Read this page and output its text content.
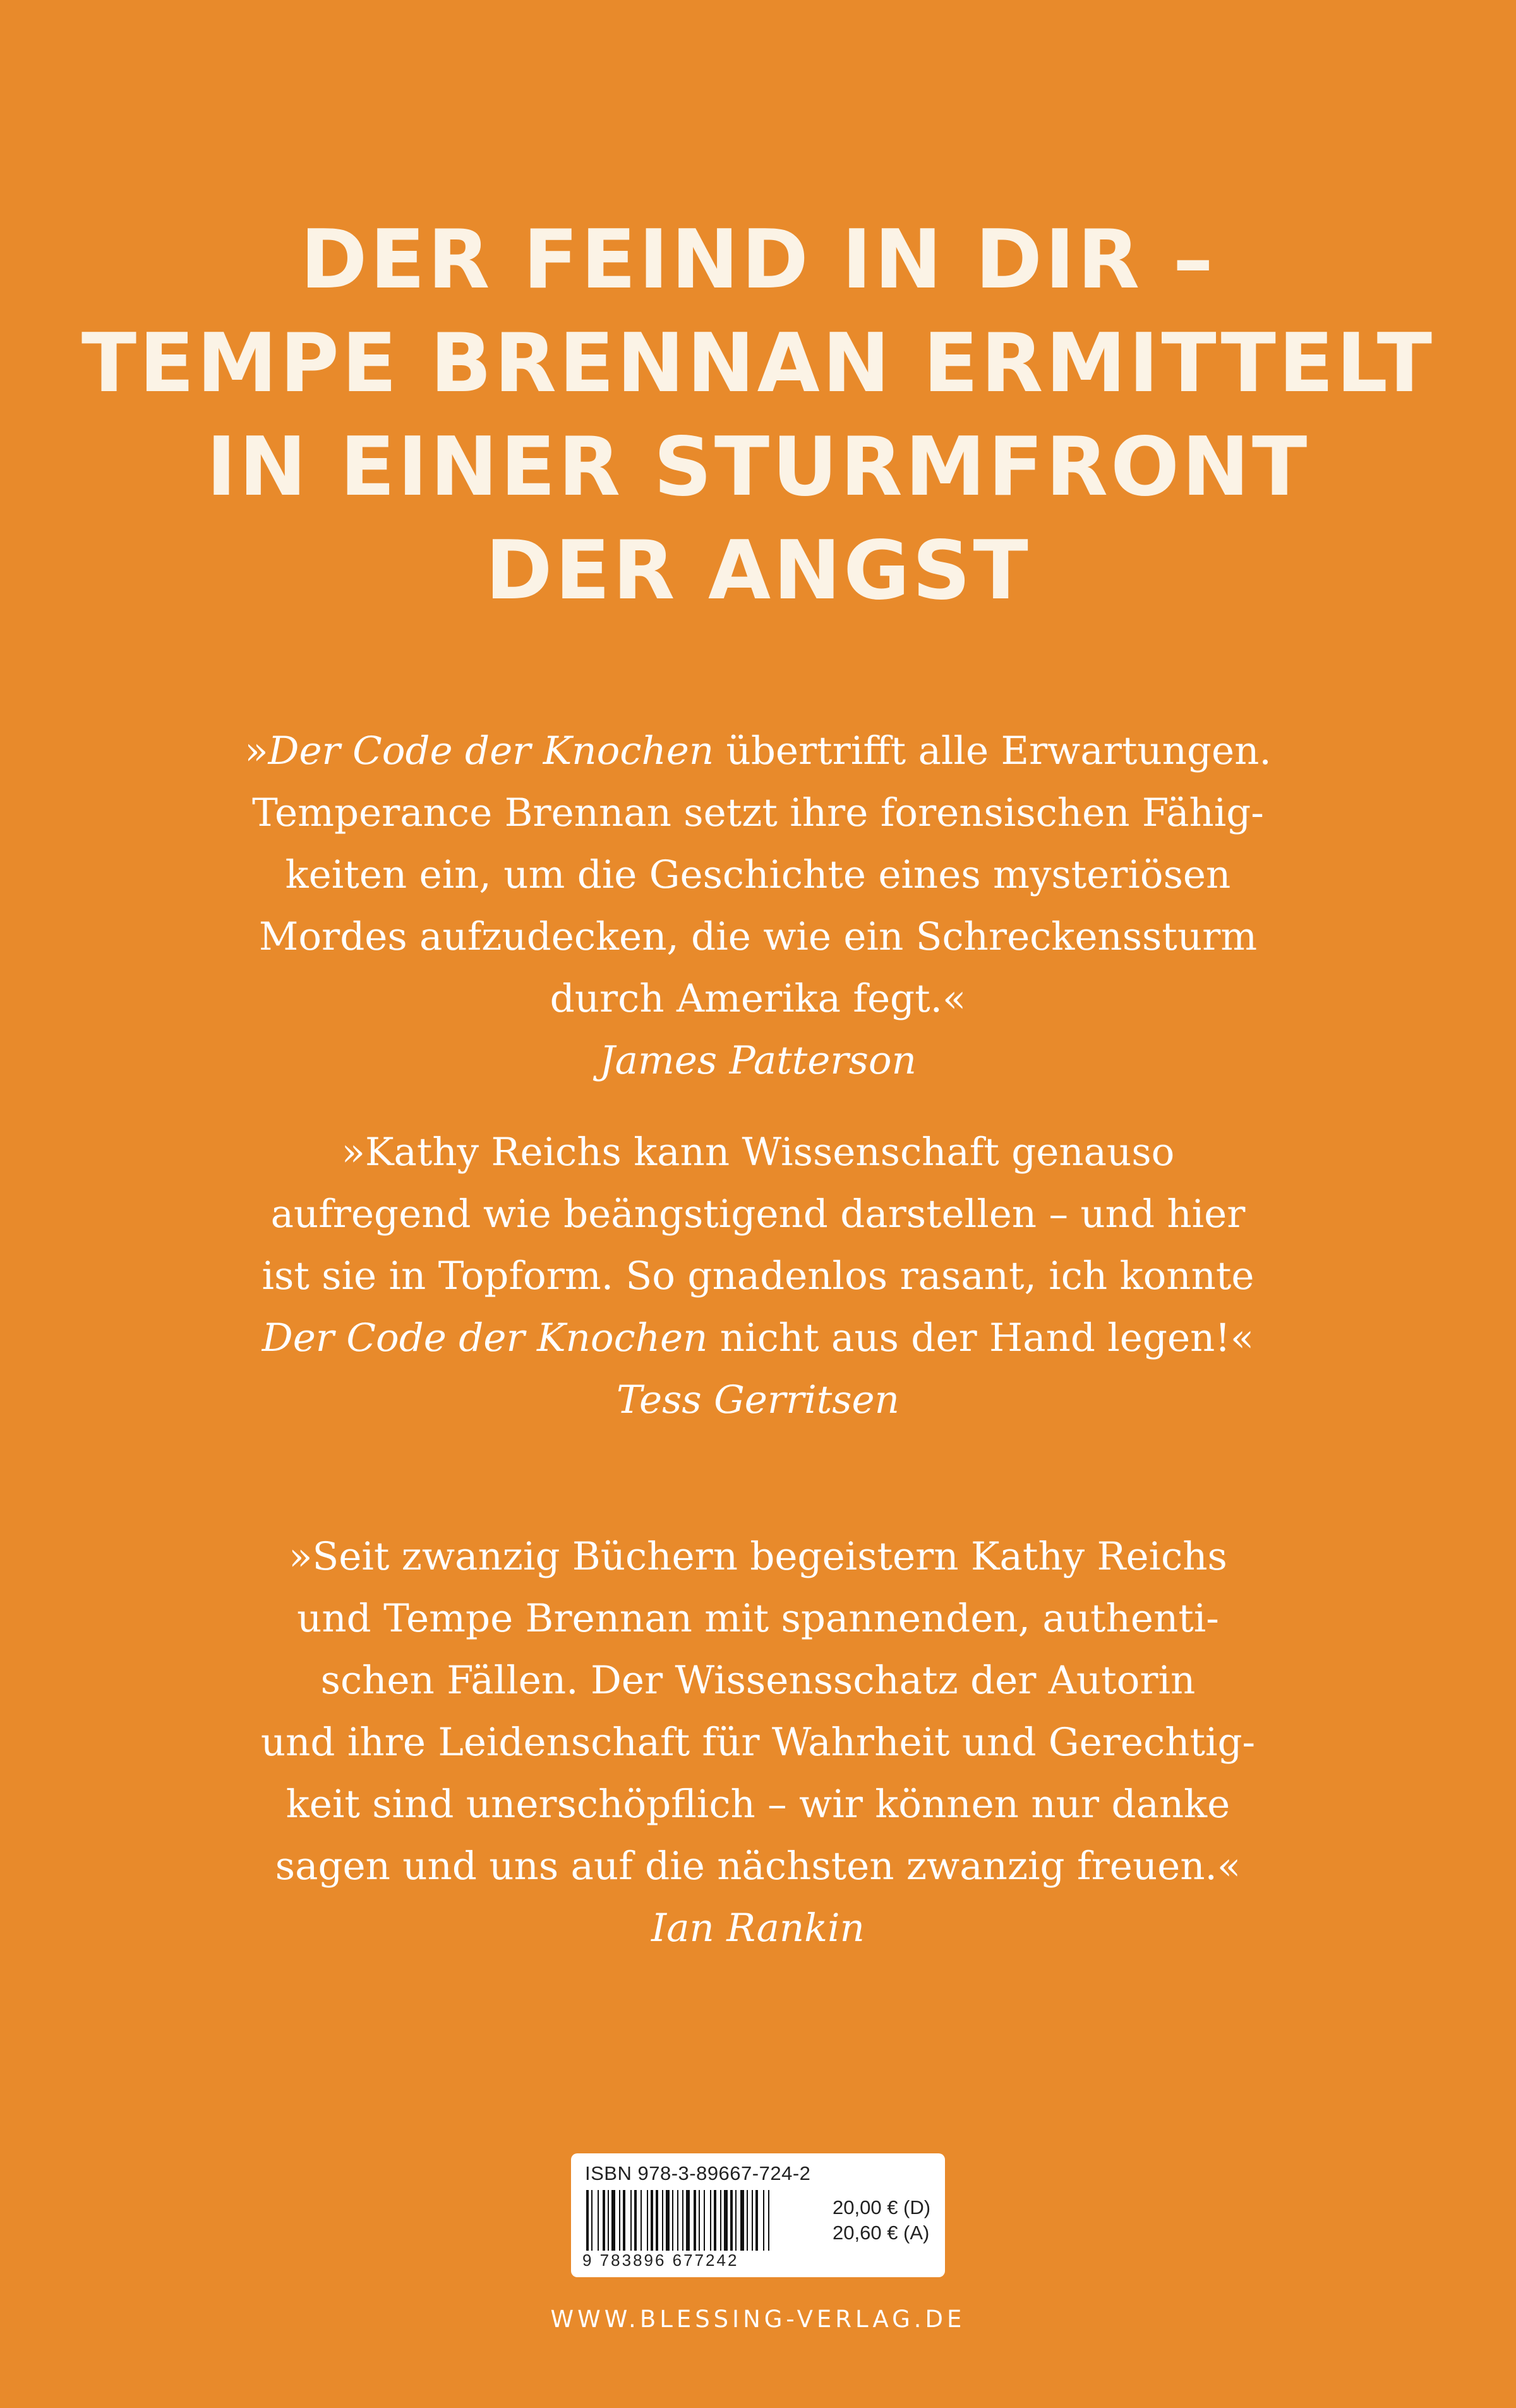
DER FEIND IN DIR –
TEMPE BRENNAN ERMITTELT
IN EINER STURMFRONT
DER ANGST
»Der Code der Knochen übertrifft alle Erwartungen.
Temperance Brennan setzt ihre forensischen Fähig-
keiten ein, um die Geschichte eines mysteriösen
Mordes aufzudecken, die wie ein Schreckenssturm
durch Amerika fegt.«
James Patterson
»Kathy Reichs kann Wissenschaft genauso
aufregend wie beängstigend darstellen – und hier
ist sie in Topform. So gnadenlos rasant, ich konnte
Der Code der Knochen nicht aus der Hand legen!«
Tess Gerritsen
»Seit zwanzig Büchern begeistern Kathy Reichs
und Tempe Brennan mit spannenden, authenti-
schen Fällen. Der Wissensschatz der Autorin
und ihre Leidenschaft für Wahrheit und Gerechtig-
keit sind unerschöpflich – wir können nur danke
sagen und uns auf die nächsten zwanzig freuen.«
Ian Rankin
ISBN 978-3-89667-724-2
9 783896 677242
20,00 € (D)
20,60 € (A)
WWW.BLESSING-VERLAG.DE
